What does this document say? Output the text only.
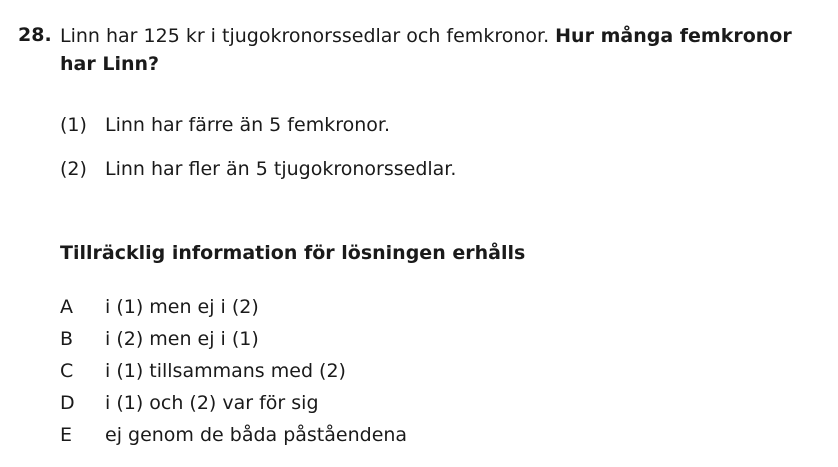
28. Linn har 125 kr i tjugokronorssedlar och femkronor. Hur många femkronor har Linn?
(1) Linn har färre än 5 femkronor.
(2) Linn har fler än 5 tjugokronorssedlar.
Tillräcklig information för lösningen erhålls
A i (1) men ej i (2)
B i (2) men ej i (1)
C i (1) tillsammans med (2)
D i (1) och (2) var för sig
E ej genom de båda påståendena
